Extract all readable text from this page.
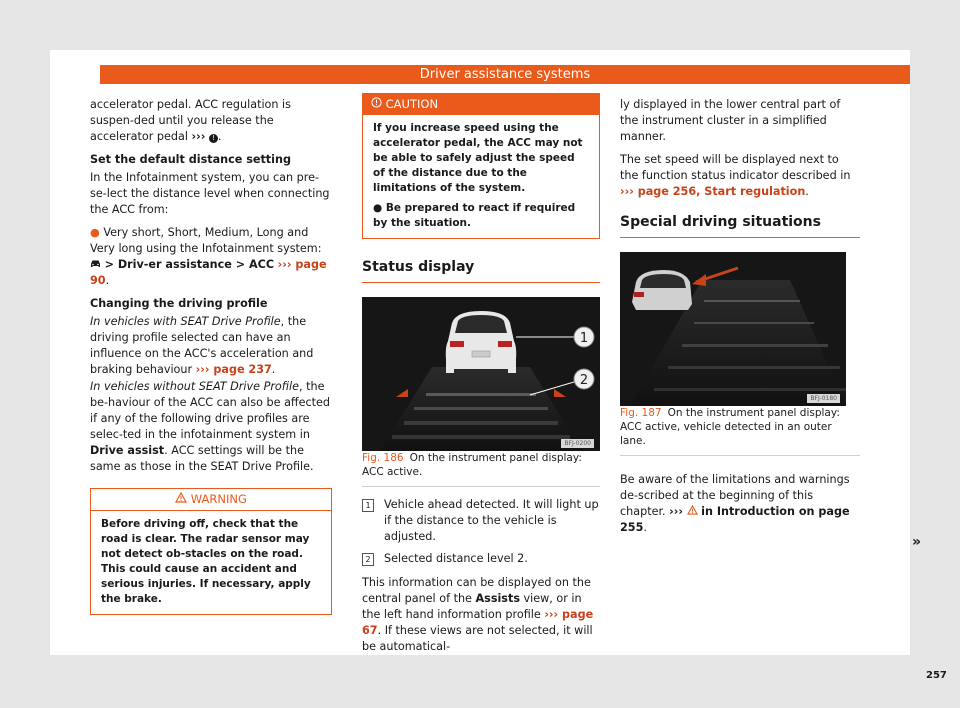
Driver assistance systems

accelerator pedal. ACC regulation is suspen-ded until you release the accelerator pedal ››› ! .

Set the default distance setting

In the Infotainment system, you can pre-se-lect the distance level when connecting the ACC from:

● Very short, Short, Medium, Long and Very long using the Infotainment system:  > Driv-er assistance > ACC ››› page 90.

Changing the driving profile

In vehicles with SEAT Drive Profile, the driving profile selected can have an influence on the ACC's acceleration and braking behaviour ››› page 237.

In vehicles without SEAT Drive Profile, the be-haviour of the ACC can also be affected if any of the following drive profiles are selec-ted in the infotainment system in Drive assist. ACC settings will be the same as those in the SEAT Drive Profile.

WARNING
Before driving off, check that the road is clear. The radar sensor may not detect ob-stacles on the road. This could cause an accident and serious injuries. If necessary, apply the brake.
CAUTION

If you increase speed using the accelerator pedal, the ACC may not be able to safely adjust the speed of the distance due to the limitations of the system.

● Be prepared to react if required by the situation.

Status display
1
2
BFJ-0200

Fig. 186 On the instrument panel display: ACC active.

1	Vehicle ahead detected. It will light up if the distance to the vehicle is adjusted.
2	Selected distance level 2.

This information can be displayed on the central panel of the Assists view, or in the left hand information profile ››› page 67. If these views are not selected, it will be automatical-

ly displayed in the lower central part of the instrument cluster in a simplified manner.

The set speed will be displayed next to the function status indicator described in ››› page 256, Start regulation.

Special driving situations
BFJ-0180

Fig. 187 On the instrument panel display: ACC active, vehicle detected in an outer lane.

Be aware of the limitations and warnings de-scribed at the beginning of this chapter. ››› in Introduction on page 255.

»
257
